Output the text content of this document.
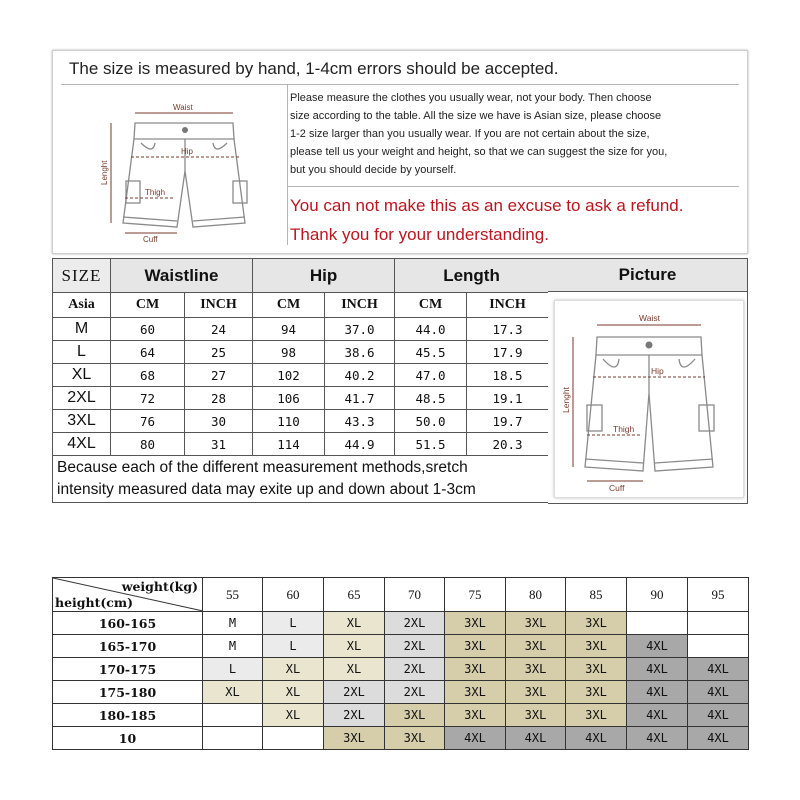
The size is measured by hand, 1-4cm errors should be accepted.
Waist
Hip
Thigh
Cuff
Lenght
Please measure the clothes you usually wear, not your body. Then choose
size according to the table. All the size we have is Asian size, please choose
1-2 size larger than you usually wear. If you are not certain about the size,
please tell us your weight and height, so that we can suggest the size for you,
but you should decide by yourself.
You can not make this as an excuse to ask a refund.
Thank you for your understanding.
SIZE	Waistline		Hip		Length	
Asia	CM	INCH	CM	INCH	CM	INCH
M	60	24	94	37.0	44.0	17.3
L	64	25	98	38.6	45.5	17.9
XL	68	27	102	40.2	47.0	18.5
2XL	72	28	106	41.7	48.5	19.1
3XL	76	30	110	43.3	50.0	19.7
4XL	80	31	114	44.9	51.5	20.3

Because each of the different measurement methods,sretch
intensity measured data may exite up and down about 1-3cm						
Picture
Waist
Hip
Thigh
Cuff
Lenght
weight(kg)
height(cm)	55	60	65	70	75	80	85	90	95
160-165	M	L	XL	2XL	3XL	3XL	3XL		
165-170	M	L	XL	2XL	3XL	3XL	3XL	4XL	
170-175	L	XL	XL	2XL	3XL	3XL	3XL	4XL	4XL
175-180	XL	XL	2XL	2XL	3XL	3XL	3XL	4XL	4XL
180-185		XL	2XL	3XL	3XL	3XL	3XL	4XL	4XL
10			3XL	3XL	4XL	4XL	4XL	4XL	4XL
